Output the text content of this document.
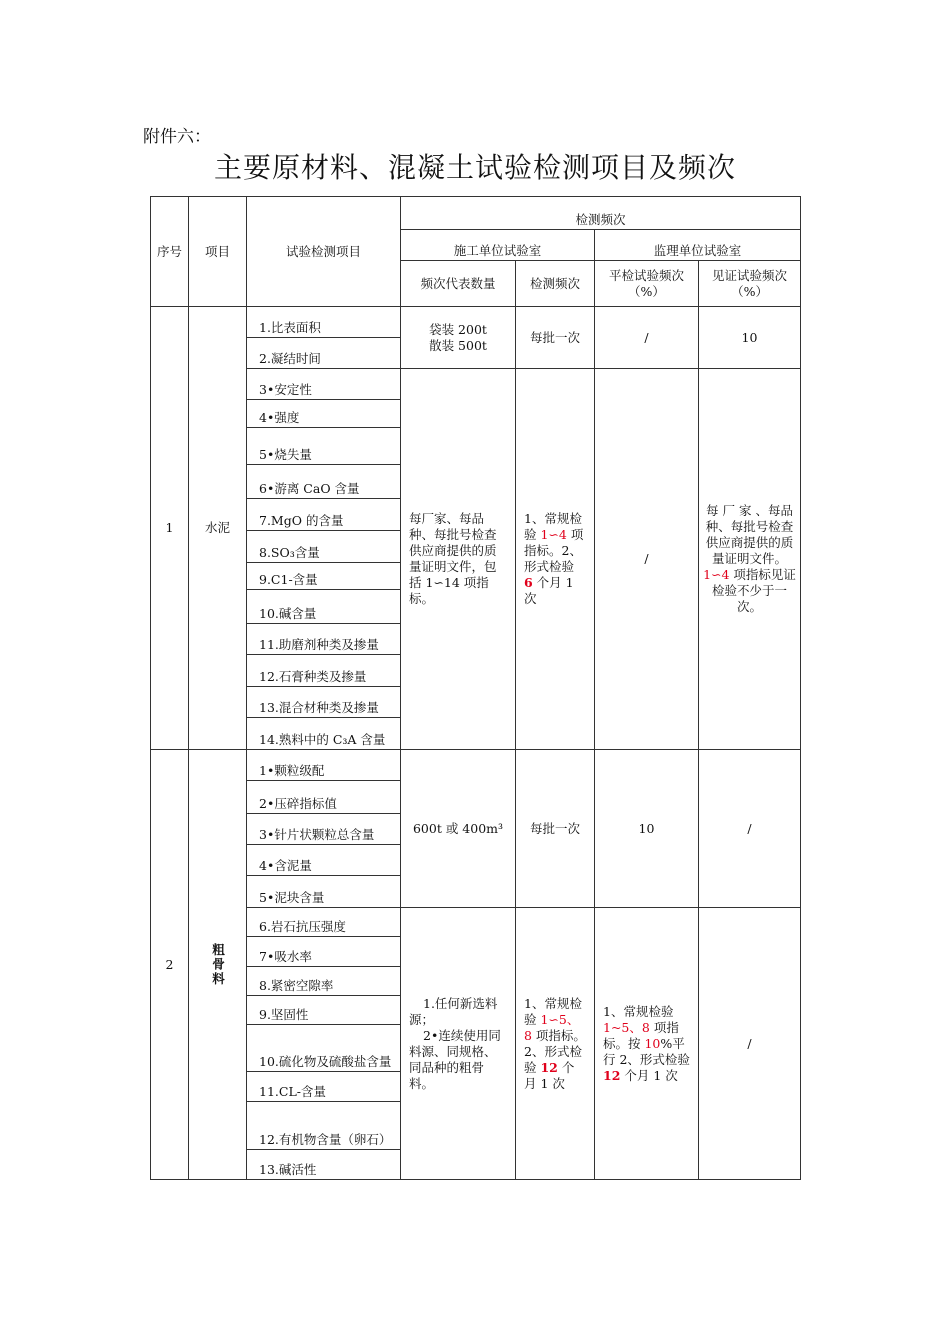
附件六：
主要原材料、混凝土试验检测项目及频次
序号	项目	试验检测项目	检测频次			
			施工单位试验室		监理单位试验室	
			频次代表数量	检测频次	平检试验频次（%）	见证试验频次（%）
1	水泥	1.比表面积	袋装 200t
散装 500t	每批一次	/	10
		2.凝结时间				
		3•安定性	每厂家、每品种、每批号检查供应商提供的质量证明文件，包括 1∽14 项指标。	1、常规检验 1∽4 项指标。2、形式检验 6 个月 1 次	/	每 厂 家 、每品种、每批号检查供应商提供的质量证明文件。1∽4 项指标见证检验不少于一次。
		4•强度				
		5•烧失量				
		6•游离 CaO 含量				
		7.MgO 的含量				
		8.SO₃含量				
		9.C1-含量				
		10.碱含量				
		11.助磨剂种类及掺量				
		12.石膏种类及掺量				
		13.混合材种类及掺量				
		14.熟料中的 C₃A 含量				
2	粗骨料	1•颗粒级配	600t 或 400m³	每批一次	10	/
		2•压碎指标值				
		3•针片状颗粒总含量				
		4•含泥量				
		5•泥块含量				
		6.岩石抗压强度	1.任何新选料源；
2•连续使用同料源、同规格、同品种的粗骨料。	1、常规检验 1∽5、8 项指标。2、形式检验 12 个月 1 次	1、常规检验 1~5、8 项指标。按 10%平行 2、形式检验 12 个月 1 次	/
		7•吸水率				
		8.紧密空隙率				
		9.坚固性				
		10.硫化物及硫酸盐含量				
		11.CL-含量				
		12.有机物含量（卵石）				
		13.碱活性				
